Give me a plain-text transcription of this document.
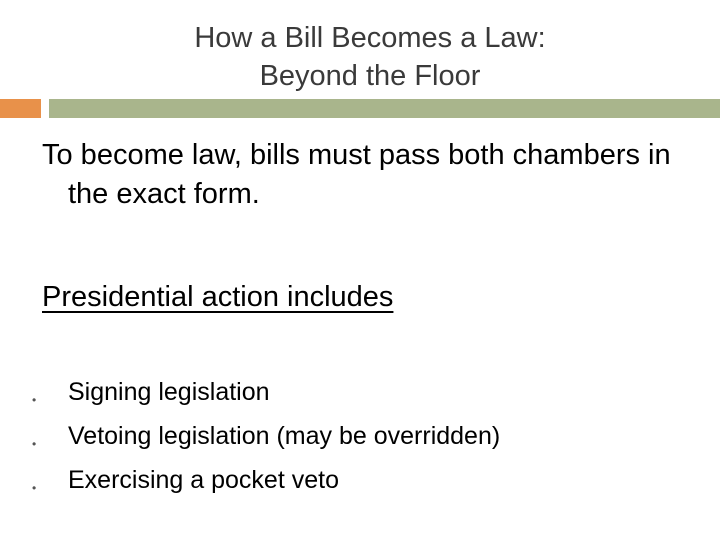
How a Bill Becomes a Law:
Beyond the Floor
To become law, bills must pass both chambers in the exact form.
Presidential action includes
• Signing legislation
• Vetoing legislation (may be overridden)
• Exercising a pocket veto
